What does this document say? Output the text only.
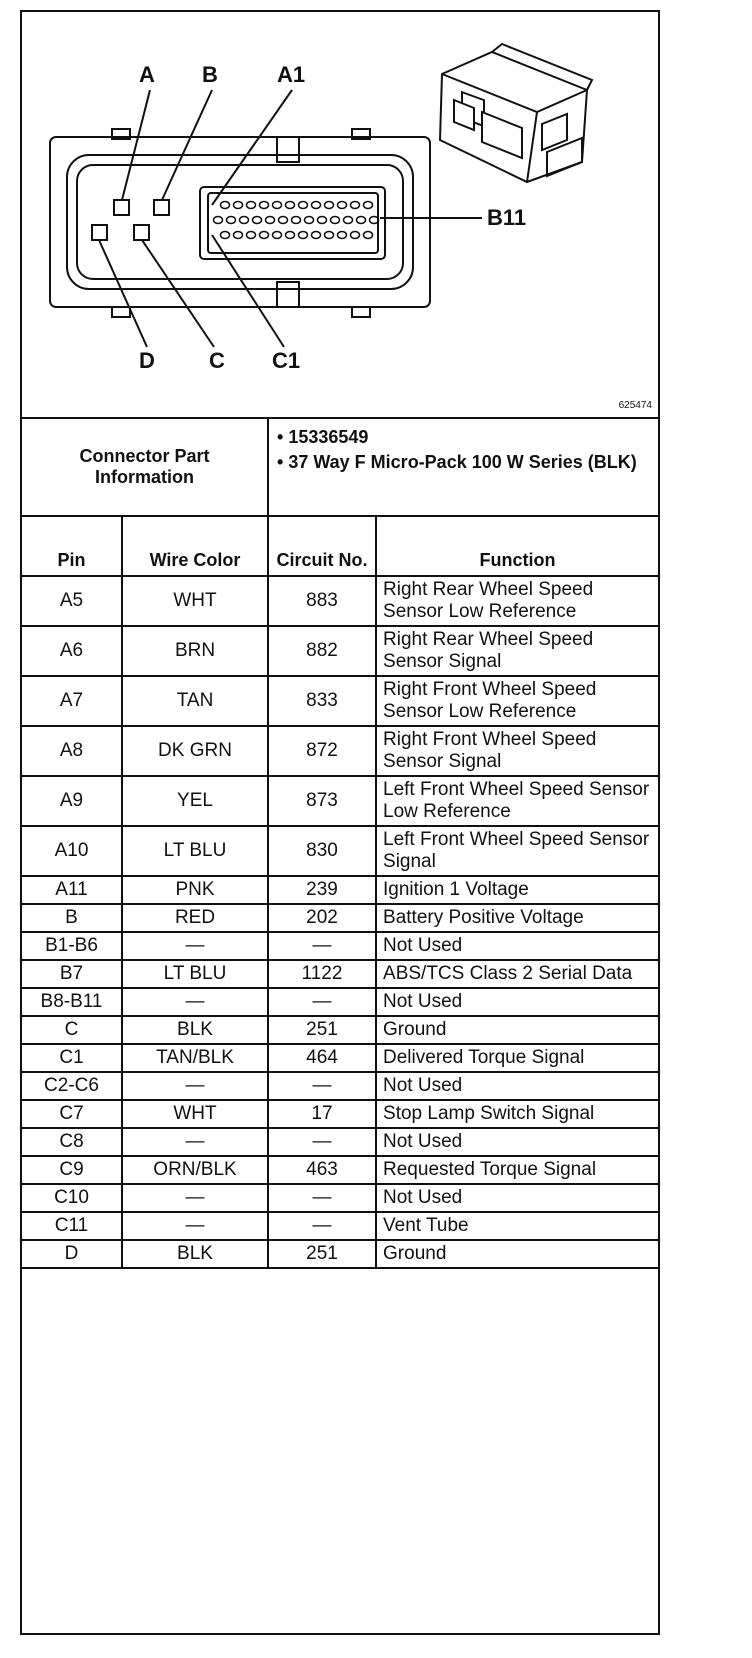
A B	A1
B11
D C C1
625474
Connector Part Information		• 15336549
• 37 Way F Micro-Pack 100 W Series (BLK)	

Pin	Wire Color	Circuit No.	Function
A5	WHT	883	Right Rear Wheel Speed Sensor Low Reference
A6	BRN	882	Right Rear Wheel Speed Sensor Signal
A7	TAN	833	Right Front Wheel Speed Sensor Low Reference
A8	DK GRN	872	Right Front Wheel Speed Sensor Signal
A9	YEL	873	Left Front Wheel Speed Sensor Low Reference
A10	LT BLU	830	Left Front Wheel Speed Sensor Signal
A11	PNK	239	Ignition 1 Voltage
B	RED	202	Battery Positive Voltage
B1-B6	—	—	Not Used
B7	LT BLU	1122	ABS/TCS Class 2 Serial Data
B8-B11	—	—	Not Used
C	BLK	251	Ground
C1	TAN/BLK	464	Delivered Torque Signal
C2-C6	—	—	Not Used
C7	WHT	17	Stop Lamp Switch Signal
C8	—	—	Not Used
C9	ORN/BLK	463	Requested Torque Signal
C10	—	—	Not Used
C11	—	—	Vent Tube
D	BLK	251	Ground
